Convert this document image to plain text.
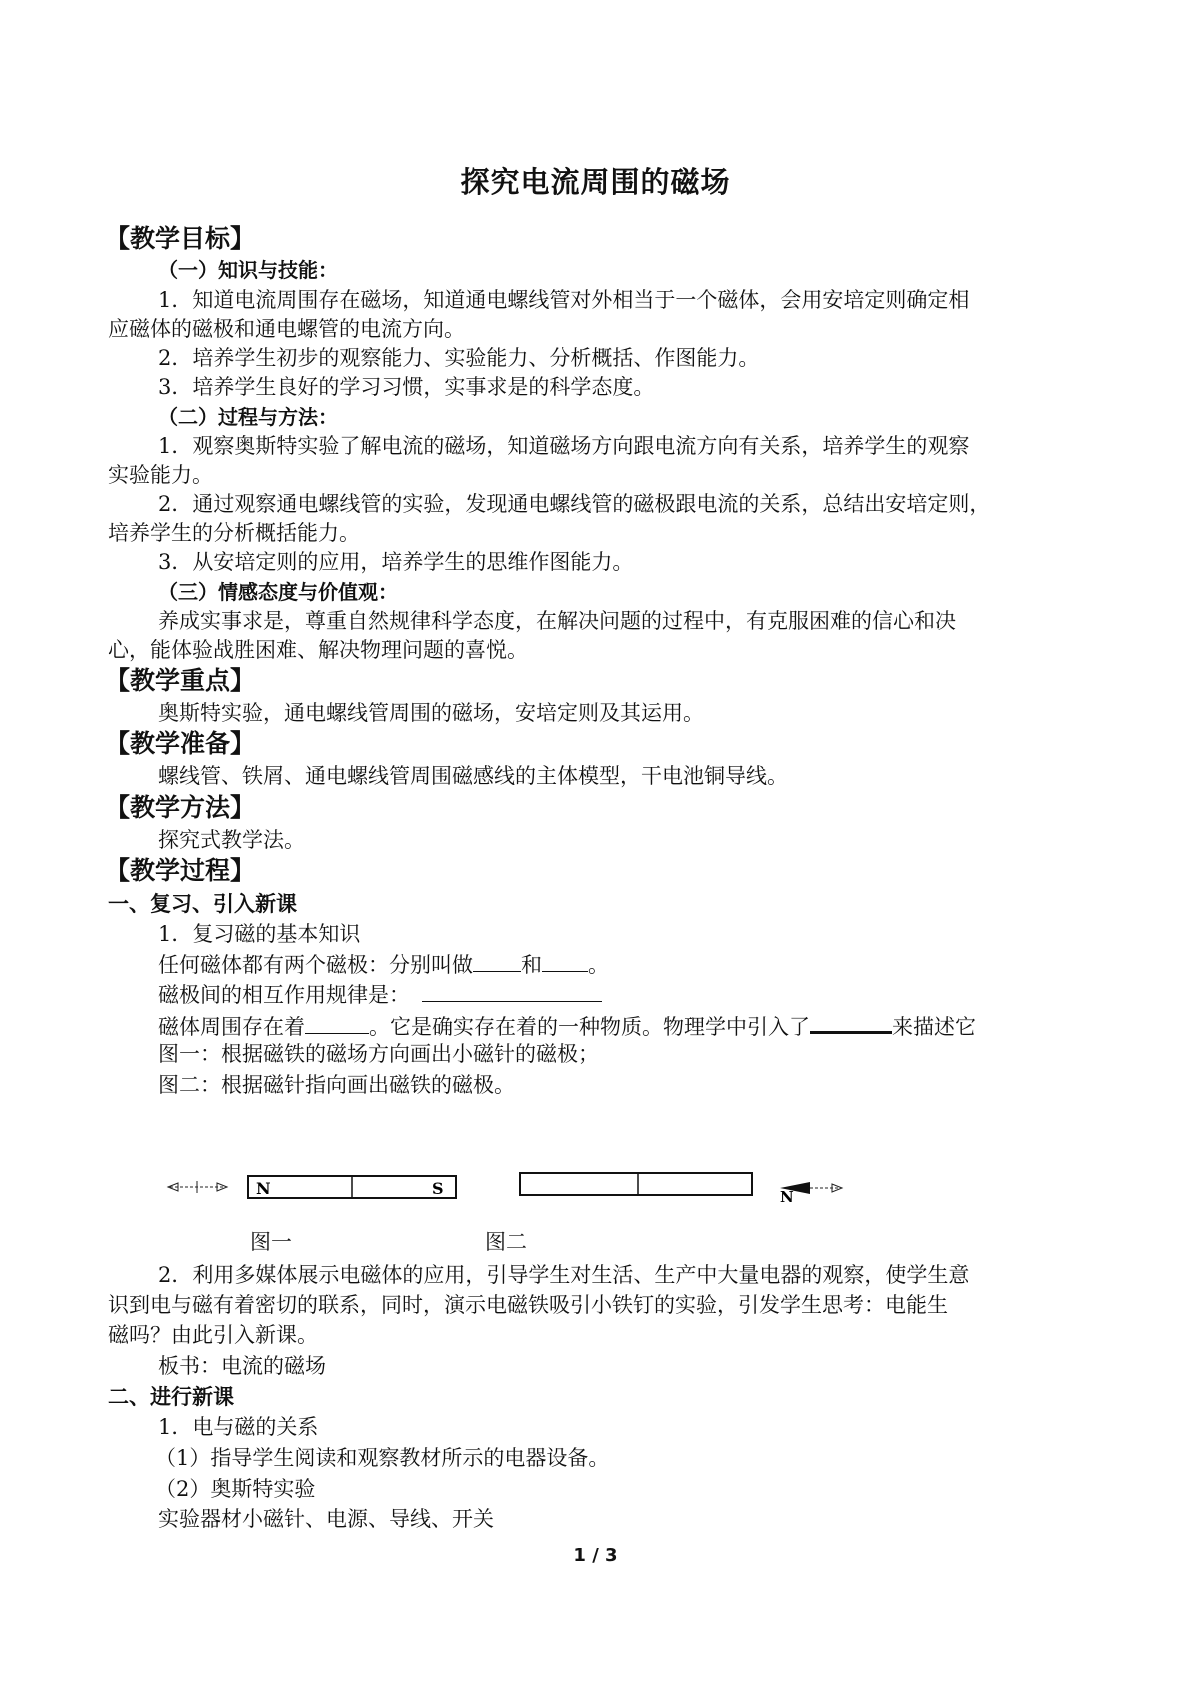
探究电流周围的磁场
【教学目标】
（一）知识与技能：
1．知道电流周围存在磁场，知道通电螺线管对外相当于一个磁体，会用安培定则确定相
应磁体的磁极和通电螺管的电流方向。
2．培养学生初步的观察能力、实验能力、分析概括、作图能力。
3．培养学生良好的学习习惯，实事求是的科学态度。
（二）过程与方法：
1．观察奥斯特实验了解电流的磁场，知道磁场方向跟电流方向有关系，培养学生的观察
实验能力。
2．通过观察通电螺线管的实验，发现通电螺线管的磁极跟电流的关系，总结出安培定则，
培养学生的分析概括能力。
3．从安培定则的应用，培养学生的思维作图能力。
（三）情感态度与价值观：
养成实事求是，尊重自然规律科学态度，在解决问题的过程中，有克服困难的信心和决
心，能体验战胜困难、解决物理问题的喜悦。
【教学重点】
奥斯特实验，通电螺线管周围的磁场，安培定则及其运用。
【教学准备】
螺线管、铁屑、通电螺线管周围磁感线的主体模型，干电池铜导线。
【教学方法】
探究式教学法。
【教学过程】
一、复习、引入新课
1．复习磁的基本知识
任何磁体都有两个磁极：分别叫做 和 。
磁极间的相互作用规律是：
磁体周围存在着	。它是确实存在着的一种物质。物理学中引入了	来描述它
图一：根据磁铁的磁场方向画出小磁针的磁极；
图二：根据磁针指向画出磁铁的磁极。
N	S	N
图一	图二
2．利用多媒体展示电磁体的应用，引导学生对生活、生产中大量电器的观察，使学生意
识到电与磁有着密切的联系，同时，演示电磁铁吸引小铁钉的实验，引发学生思考：电能生
磁吗？由此引入新课。
板书：电流的磁场
二、进行新课
1．电与磁的关系
（1）指导学生阅读和观察教材所示的电器设备。
（2）奥斯特实验
实验器材小磁针、电源、导线、开关
1 / 3
